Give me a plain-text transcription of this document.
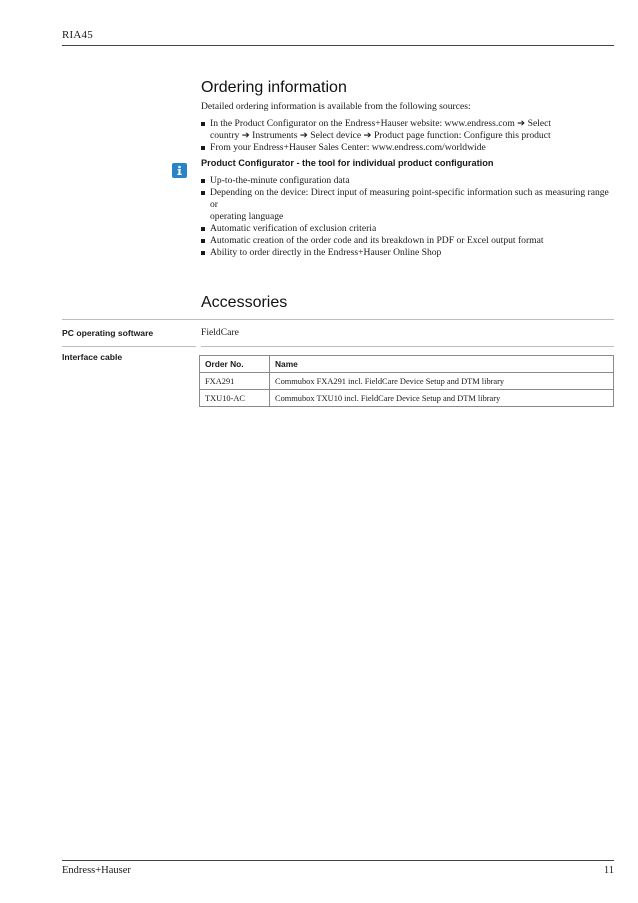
RIA45
Ordering information
Detailed ordering information is available from the following sources:
In the Product Configurator on the Endress+Hauser website: www.endress.com ➔ Select
country ➔ Instruments ➔ Select device ➔ Product page function: Configure this product
From your Endress+Hauser Sales Center: www.endress.com/worldwide
Product Configurator - the tool for individual product configuration
Up-to-the-minute configuration data
Depending on the device: Direct input of measuring point-specific information such as measuring range or
operating language
Automatic verification of exclusion criteria
Automatic creation of the order code and its breakdown in PDF or Excel output format
Ability to order directly in the Endress+Hauser Online Shop
Accessories
PC operating software	FieldCare
Interface cable
Order No.	Name
FXA291	Commubox FXA291 incl. FieldCare Device Setup and DTM library
TXU10-AC	Commubox TXU10 incl. FieldCare Device Setup and DTM library
Endress+Hauser	11
